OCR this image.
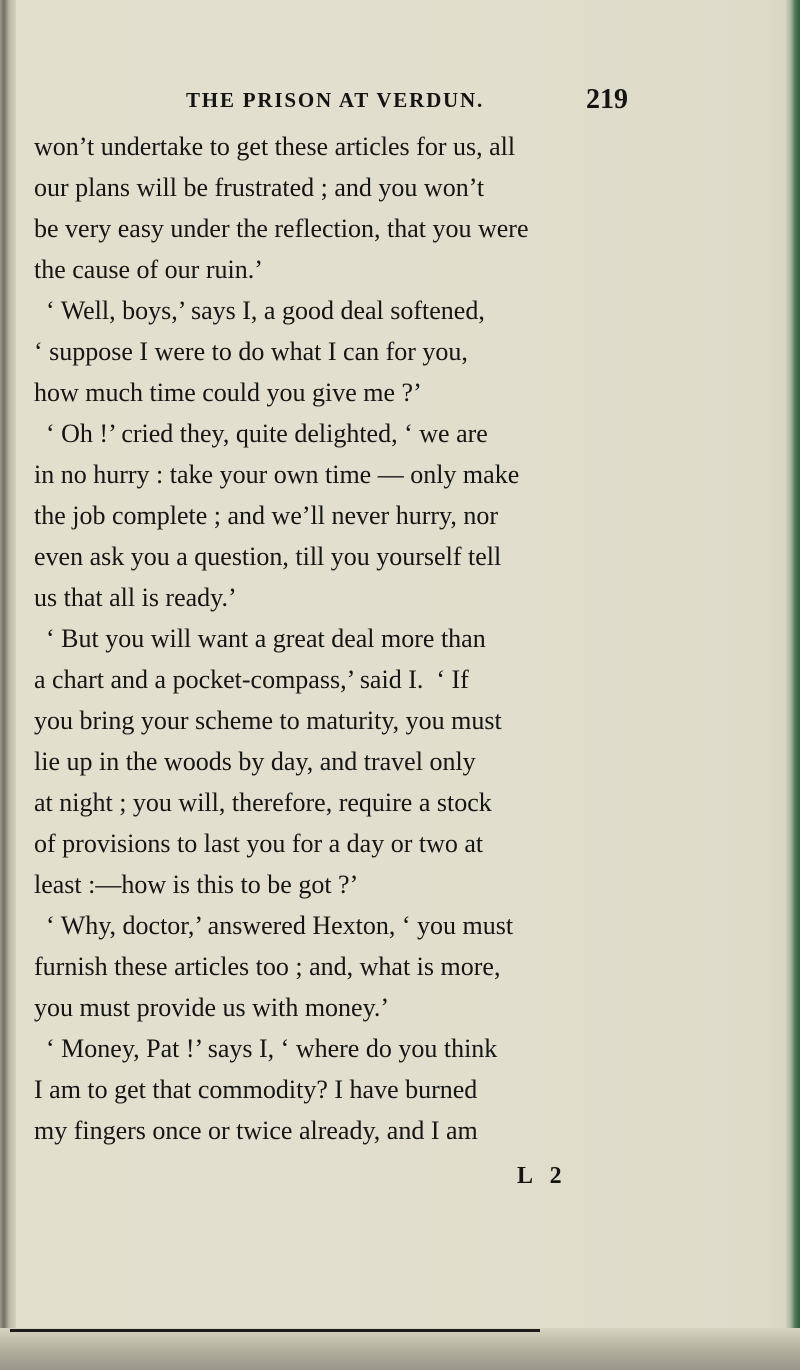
THE PRISON AT VERDUN.	219
won’t undertake to get these articles for us, all
our plans will be frustrated ; and you won’t
be very easy under the reflection, that you were
the cause of our ruin.’
‘ Well, boys,’ says I, a good deal softened,
‘ suppose I were to do what I can for you,
how much time could you give me ?’
‘ Oh !’ cried they, quite delighted, ‘ we are
in no hurry : take your own time — only make
the job complete ; and we’ll never hurry, nor
even ask you a question, till you yourself tell
us that all is ready.’
‘ But you will want a great deal more than
a chart and a pocket-compass,’ said I.  ‘ If
you bring your scheme to maturity, you must
lie up in the woods by day, and travel only
at night ; you will, therefore, require a stock
of provisions to last you for a day or two at
least :—how is this to be got ?’
‘ Why, doctor,’ answered Hexton, ‘ you must
furnish these articles too ; and, what is more,
you must provide us with money.’
‘ Money, Pat !’ says I, ‘ where do you think
I am to get that commodity? I have burned
my fingers once or twice already, and I am
L 2
